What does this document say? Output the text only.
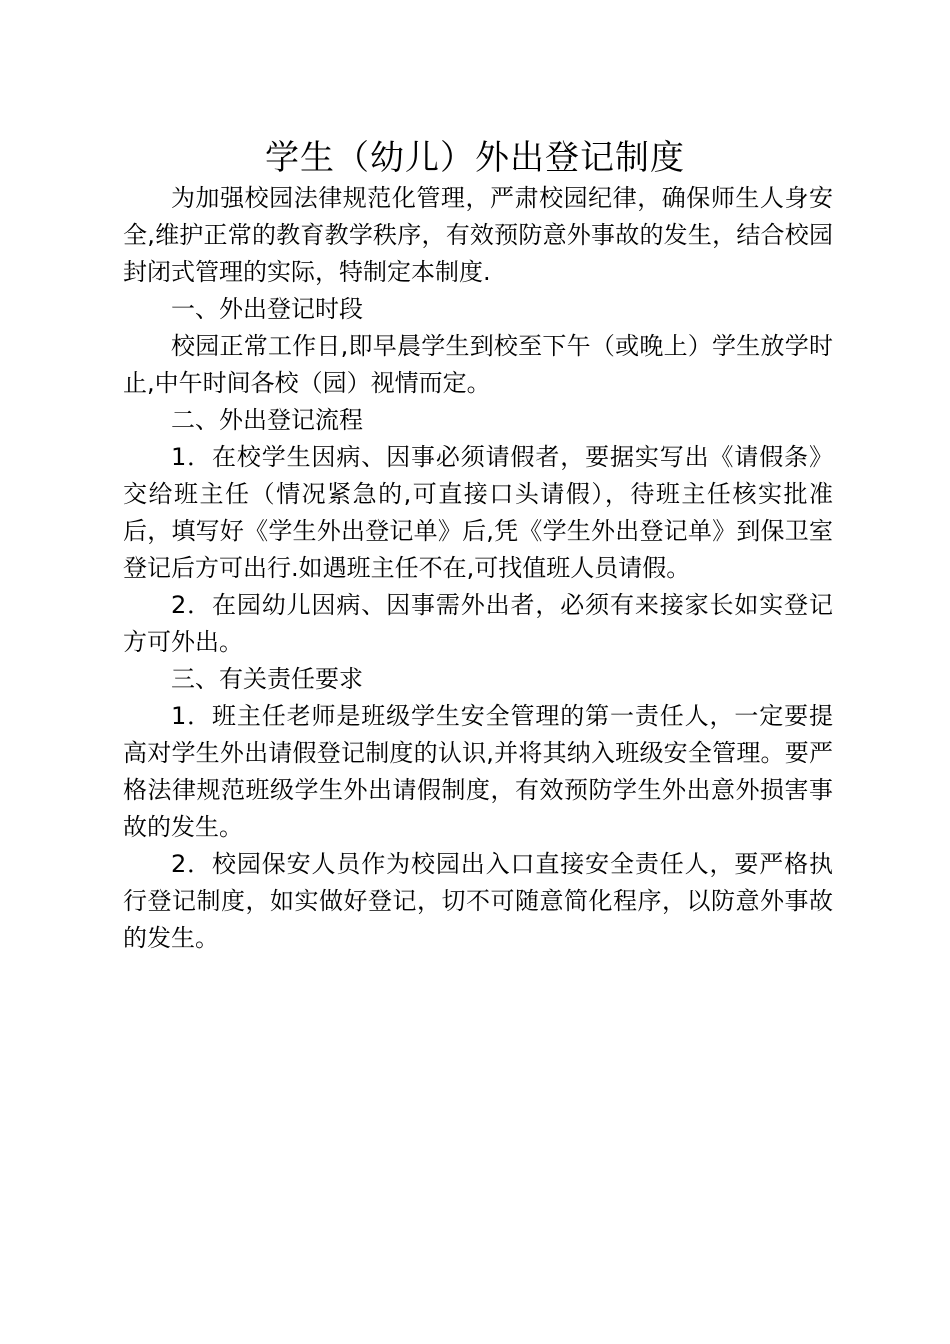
学生（幼儿）外出登记制度

为加强校园法律规范化管理，严肃校园纪律，确保师生人身安全,维护正常的教育教学秩序，有效预防意外事故的发生，结合校园封闭式管理的实际，特制定本制度.

一、外出登记时段

校园正常工作日,即早晨学生到校至下午（或晚上）学生放学时止,中午时间各校（园）视情而定。

二、外出登记流程

1．在校学生因病、因事必须请假者，要据实写出《请假条》交给班主任（情况紧急的,可直接口头请假），待班主任核实批准后，填写好《学生外出登记单》后,凭《学生外出登记单》到保卫室登记后方可出行.如遇班主任不在,可找值班人员请假。

2．在园幼儿因病、因事需外出者，必须有来接家长如实登记方可外出。

三、有关责任要求

1．班主任老师是班级学生安全管理的第一责任人，一定要提高对学生外出请假登记制度的认识,并将其纳入班级安全管理。要严格法律规范班级学生外出请假制度，有效预防学生外出意外损害事故的发生。

2．校园保安人员作为校园出入口直接安全责任人，要严格执行登记制度，如实做好登记，切不可随意简化程序，以防意外事故的发生。
